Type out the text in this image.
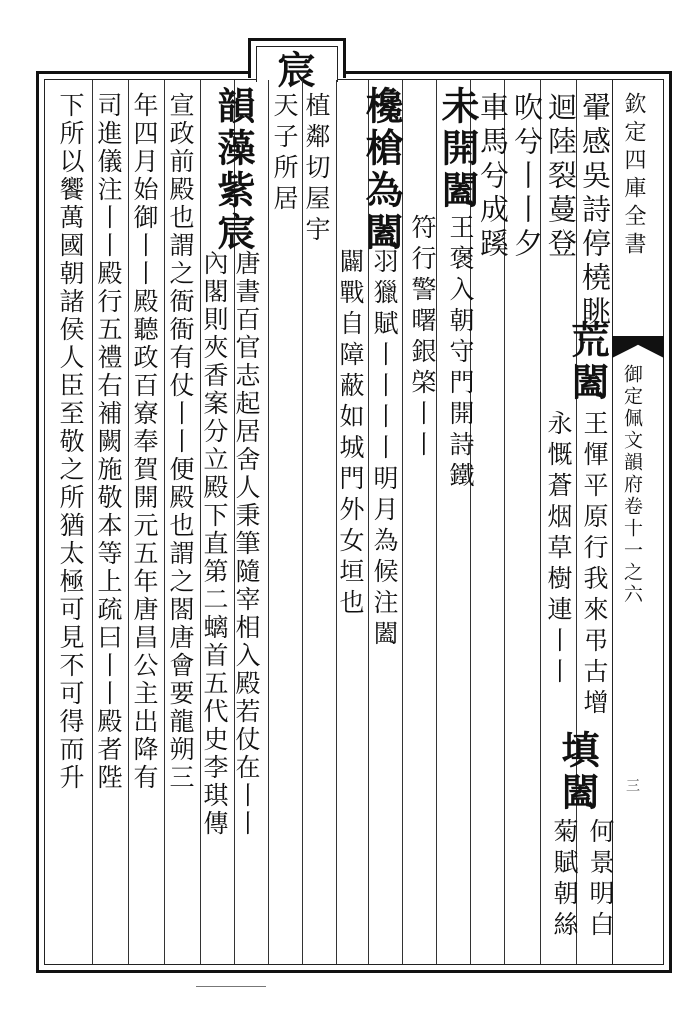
宸
欽定四庫全書
御定佩文韻府卷十一之六
三
翬感吳詩停橈眺
迴陸裂蔓登
吹兮丨丨夕
車馬兮成蹊
未開闔
王褒入朝守門開詩鐵
符行警曙銀棨丨丨
欃槍為闔
羽獵賦丨丨丨丨明月為候注闔
闢戰自障蔽如城門外女垣也
植鄰切屋宇
天子所居
韻藻紫宸
唐書百官志起居舍人秉筆隨宰相入殿若仗在丨丨
內閣則夾香案分立殿下直第二螭首五代史李琪傳
宣政前殿也謂之衙衙有仗丨丨便殿也謂之閤唐會要龍朔三
年四月始御丨丨殿聽政百寮奉賀開元五年唐昌公主出降有
司進儀注丨丨殿行五禮右補闕施敬本等上疏曰丨丨殿者陛
下所以饗萬國朝諸侯人臣至敬之所猶太極可見不可得而升	荒闔
王惲平原行我來弔古增
永慨蒼烟草樹連丨丨
填闔
何景明白
菊賦朝絲
